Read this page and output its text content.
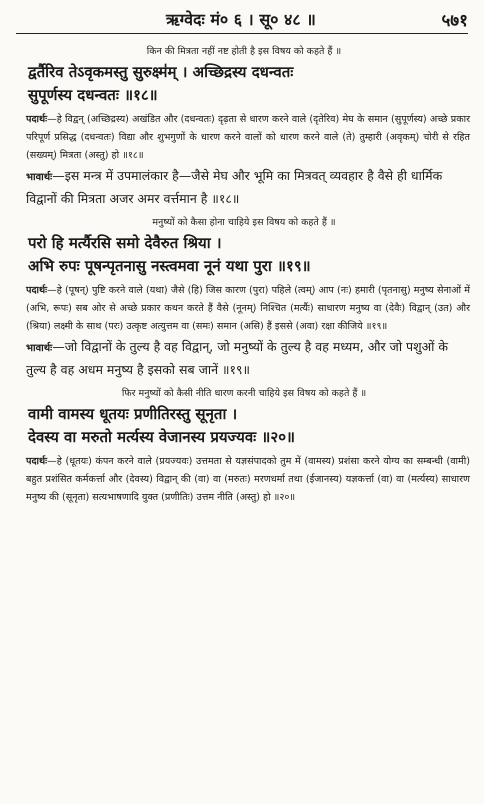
ऋग्वेदः मं० ६ । सू० ४८ ॥	५७१
किन की मित्रता नहीं नष्ट होती है इस विषय को कहते हैं ॥
द्वर्तैरिव तेऽवृकमस्तु सुरुक्ष्म॑म् । अच्छिद्रस्य दधन्वतः
सुपूर्णस्य दधन्वतः ॥१८॥
पदार्थः—हे विद्वन् (अच्छिद्रस्य) अखंडित और (दधन्वतः) दृढ़ता से धारण करने वाले (दृतेरिव) मेघ के समान (सुपूर्णस्य) अच्छे प्रकार परिपूर्ण प्रसिद्ध (दधन्वतः) विद्या और शुभगुणों के धारण करने वालों को धारण करने वाले (ते) तुम्हारी (अवृकम्) चोरी से रहित (सख्यम्) मित्रता (अस्तु) हो ॥१८॥
भावार्थः—इस मन्त्र में उपमालंकार है—जैसे मेघ और भूमि का मित्रवत् व्यवहार है वैसे ही धार्मिक विद्वानों की मित्रता अजर अमर वर्त्तमान है ॥१८॥
मनुष्यों को कैसा होना चाहिये इस विषय को कहते हैं ॥
परो हि मर्त्यैरसि समो देवैरुत श्रिया ।
अभि रुपः पूषन्पृतनासु नस्त्वमवा नूनं यथा पुरा ॥१९॥
पदार्थः—हे (पूषन्) पुष्टि करने वाले (यथा) जैसे (हि) जिस कारण (पुरा) पहिले (त्वम्) आप (नः) हमारी (पृतनासु) मनुष्य सेनाओं में (अभि, रूपः) सब ओर से अच्छे प्रकार कथन करते हैं वैसे (नूनम्) निश्चित (मर्त्यैः) साधारण मनुष्य वा (देवैः) विद्वान् (उत) और (श्रिया) लक्ष्मी के साथ (परः) उत्कृष्ट अत्युत्तम वा (समः) समान (असि) हैं इससे (अवा) रक्षा कीजिये ॥१९॥
भावार्थः—जो विद्वानों के तुल्य है वह विद्वान्, जो मनुष्यों के तुल्य है वह मध्यम, और जो पशुओं के तुल्य है वह अधम मनुष्य है इसको सब जानें ॥१९॥
फिर मनुष्यों को कैसी नीति धारण करनी चाहिये इस विषय को कहते हैं ॥
वामी वामस्य धूतयः प्रणीतिरस्तु सूनृता ।
देवस्य वा मरुतो मर्त्यस्य वेजानस्य प्रयज्यवः ॥२०॥
पदार्थः—हे (धूतयः) कंपन करने वाले (प्रयज्यवः) उत्तमता से यज्ञसंपादको तुम में (वामस्य) प्रशंसा करने योग्य का सम्बन्धी (वामी) बहुत प्रशंसित कर्मकर्त्ता और (देवस्य) विद्वान् की (वा) वा (मरुतः) मरणधर्मा तथा (ईजानस्य) यज्ञकर्त्ता (वा) वा (मर्त्यस्य) साधारण मनुष्य की (सूनृता) सत्यभाषणादि युक्त (प्रणीतिः) उत्तम नीति (अस्तु) हो ॥२०॥
